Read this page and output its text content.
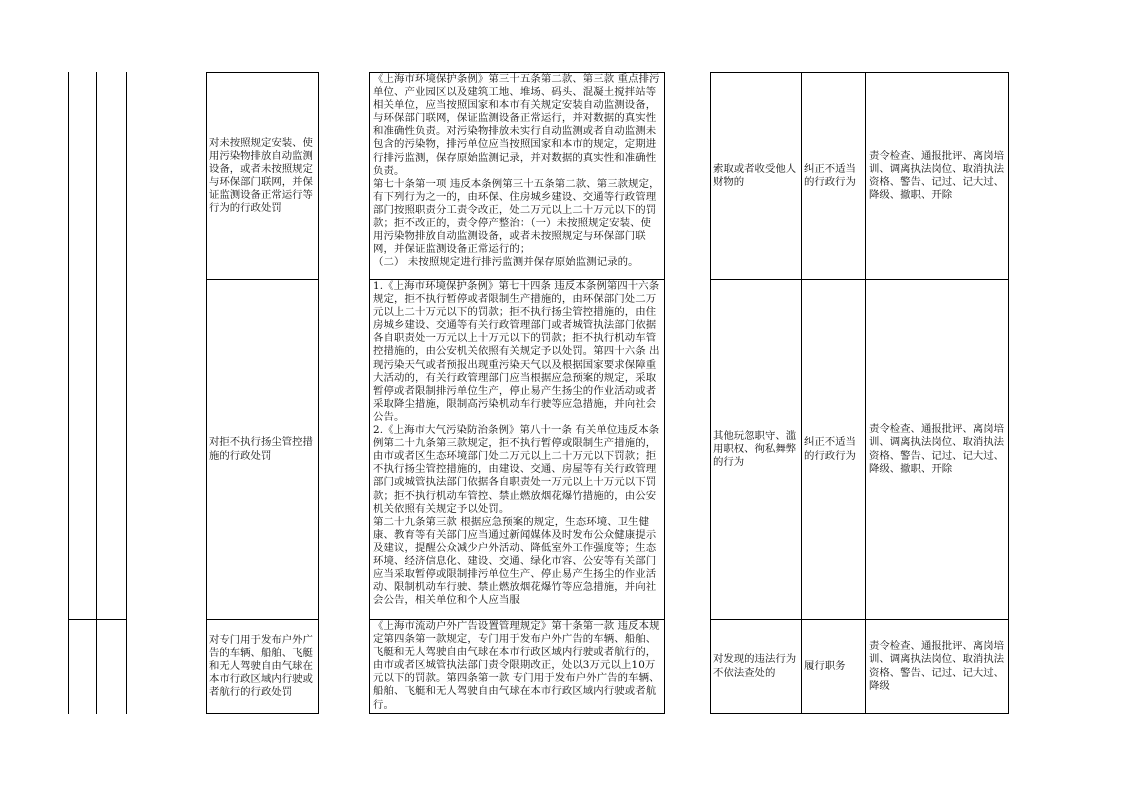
对未按照规定安装、使用污染物排放自动监测设备，或者未按照规定与环保部门联网，并保证监测设备正常运行等行为的行政处罚
《上海市环境保护条例》第三十五条第二款、第三款 重点排污单位、产业园区以及建筑工地、堆场、码头、混凝土搅拌站等相关单位，应当按照国家和本市有关规定安装自动监测设备，与环保部门联网，保证监测设备正常运行，并对数据的真实性和准确性负责。对污染物排放未实行自动监测或者自动监测未包含的污染物，排污单位应当按照国家和本市的规定，定期进行排污监测，保存原始监测记录，并对数据的真实性和准确性负责。
第七十条第一项 违反本条例第三十五条第二款、第三款规定，有下列行为之一的，由环保、住房城乡建设、交通等行政管理部门按照职责分工责令改正，处二万元以上二十万元以下的罚款；拒不改正的，责令停产整治：（一）未按照规定安装、使用污染物排放自动监测设备，或者未按照规定与环保部门联网，并保证监测设备正常运行的；
（二） 未按照规定进行排污监测并保存原始监测记录的。
索取或者收受他人财物的
纠正不适当的行政行为
责令检查、通报批评、离岗培训、调离执法岗位、取消执法资格、警告、记过、记大过、降级、撤职、开除
对拒不执行扬尘管控措施的行政处罚
1.《上海市环境保护条例》第七十四条 违反本条例第四十六条规定，拒不执行暂停或者限制生产措施的，由环保部门处二万元以上二十万元以下的罚款；拒不执行扬尘管控措施的，由住房城乡建设、交通等有关行政管理部门或者城管执法部门依据各自职责处一万元以上十万元以下的罚款；拒不执行机动车管控措施的，由公安机关依照有关规定予以处罚。第四十六条 出现污染天气或者预报出现重污染天气以及根据国家要求保障重大活动的，有关行政管理部门应当根据应急预案的规定，采取暂停或者限制排污单位生产，停止易产生扬尘的作业活动或者采取降尘措施，限制高污染机动车行驶等应急措施，并向社会公告。
2.《上海市大气污染防治条例》第八十一条 有关单位违反本条例第二十九条第三款规定，拒不执行暂停或限制生产措施的，由市或者区生态环境部门处二万元以上二十万元以下罚款；拒不执行扬尘管控措施的，由建设、交通、房屋等有关行政管理部门或城管执法部门依据各自职责处一万元以上十万元以下罚款；拒不执行机动车管控、禁止燃放烟花爆竹措施的，由公安机关依照有关规定予以处罚。
第二十九条第三款 根据应急预案的规定，生态环境、卫生健康、教育等有关部门应当通过新闻媒体及时发布公众健康提示及建议，提醒公众减少户外活动、降低室外工作强度等；生态环境、经济信息化、建设、交通、绿化市容、公安等有关部门应当采取暂停或限制排污单位生产、停止易产生扬尘的作业活动、限制机动车行驶、禁止燃放烟花爆竹等应急措施，并向社会公告，相关单位和个人应当服
其他玩忽职守、滥用职权、徇私舞弊的行为
纠正不适当的行政行为
责令检查、通报批评、离岗培训、调离执法岗位、取消执法资格、警告、记过、记大过、降级、撤职、开除
对专门用于发布户外广告的车辆、船舶、飞艇和无人驾驶自由气球在本市行政区域内行驶或者航行的行政处罚
《上海市流动户外广告设置管理规定》第十条第一款 违反本规定第四条第一款规定，专门用于发布户外广告的车辆、船舶、飞艇和无人驾驶自由气球在本市行政区域内行驶或者航行的，由市或者区城管执法部门责令限期改正，处以3万元以上10万元以下的罚款。第四条第一款 专门用于发布户外广告的车辆、船舶、飞艇和无人驾驶自由气球在本市行政区域内行驶或者航行。
对发现的违法行为不依法查处的
履行职务
责令检查、通报批评、离岗培训、调离执法岗位、取消执法资格、警告、记过、记大过、降级
